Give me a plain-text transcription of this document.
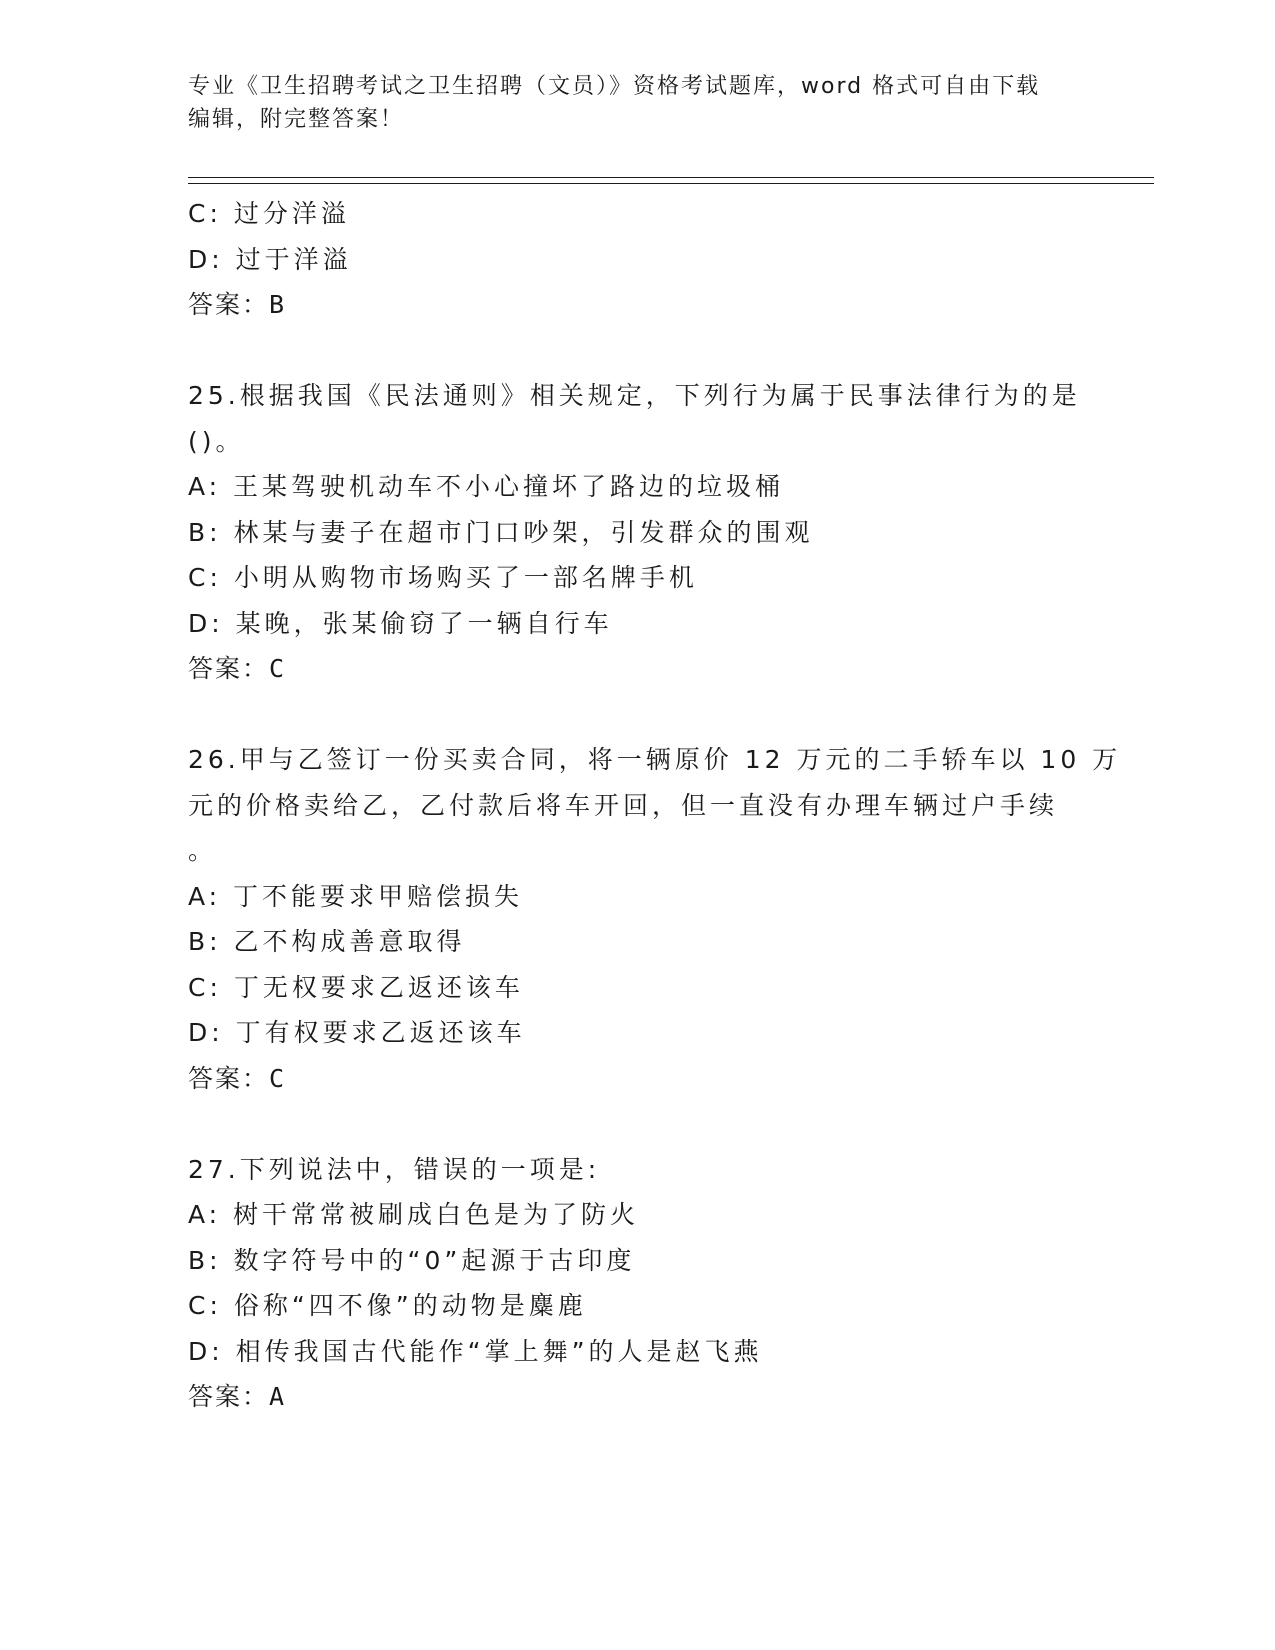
专业《卫生招聘考试之卫生招聘（文员）》资格考试题库，word 格式可自由下载
编辑，附完整答案！
C: 过分洋溢
D: 过于洋溢
答案：B
25.根据我国《民法通则》相关规定，下列行为属于民事法律行为的是
()。
A: 王某驾驶机动车不小心撞坏了路边的垃圾桶
B: 林某与妻子在超市门口吵架，引发群众的围观
C: 小明从购物市场购买了一部名牌手机
D: 某晚，张某偷窃了一辆自行车
答案：C
26.甲与乙签订一份买卖合同，将一辆原价 12 万元的二手轿车以 10 万
元的价格卖给乙，乙付款后将车开回，但一直没有办理车辆过户手续
。
A: 丁不能要求甲赔偿损失
B: 乙不构成善意取得
C: 丁无权要求乙返还该车
D: 丁有权要求乙返还该车
答案：C
27.下列说法中，错误的一项是:
A: 树干常常被刷成白色是为了防火
B: 数字符号中的“0”起源于古印度
C: 俗称“四不像”的动物是麋鹿
D: 相传我国古代能作“掌上舞”的人是赵飞燕
答案：A
